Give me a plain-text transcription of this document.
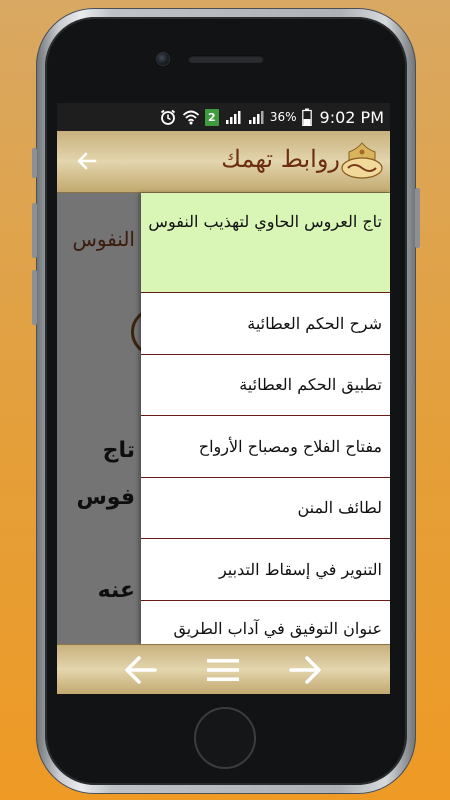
2	36% 9:02 PM
روابط تهمك
تاج العروس الحاوي لتهذيب النفوس
شرح الحكم العطائية
تطبيق الحكم العطائية
مفتاح الفلاح ومصباح الأرواح
لطائف المنن
التنوير في إسقاط التدبير
عنوان التوفيق في آداب الطريق
